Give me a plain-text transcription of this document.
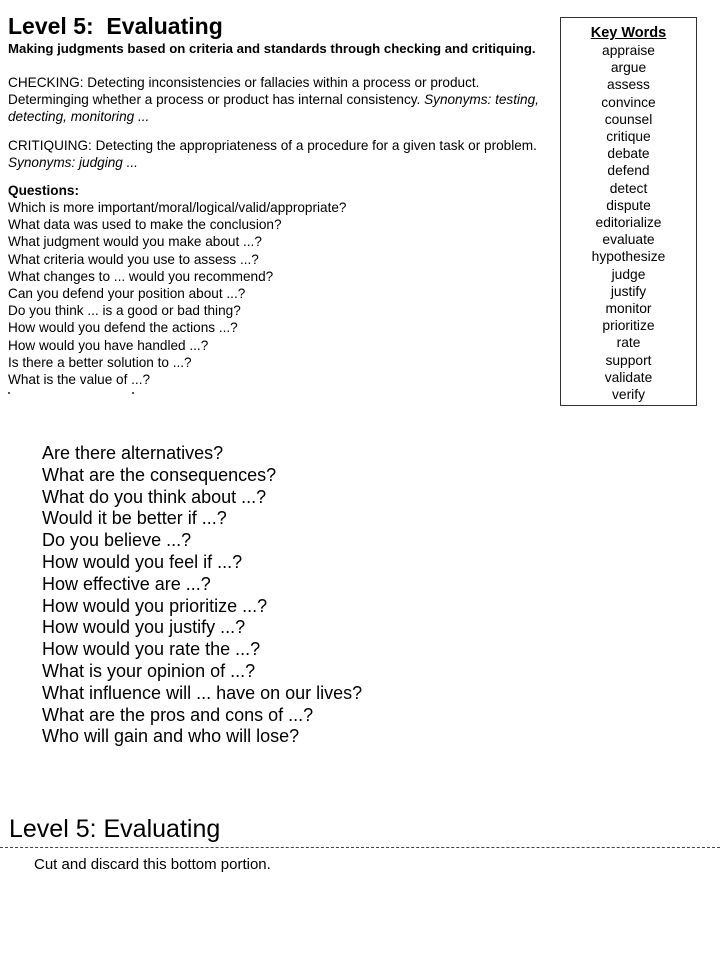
Level 5:  Evaluating
Making judgments based on criteria and standards through checking and critiquing.
CHECKING: Detecting inconsistencies or fallacies within a process or product. Determinging whether a process or product has internal consistency. Synonyms: testing, detecting, monitoring ...
CRITIQUING: Detecting the appropriateness of a procedure for a given task or problem. Synonyms: judging ...
Questions:
Which is more important/moral/logical/valid/appropriate?
What data was used to make the conclusion?
What judgment would you make about ...?
What criteria would you use to assess ...?
What changes to ... would you recommend?
Can you defend your position about ...?
Do you think ... is a good or bad thing?
How would you defend the actions ...?
How would you have handled ...?
Is there a better solution to ...?
What is the value of ...?
Key Words
appraise
argue
assess
convince
counsel
critique
debate
defend
detect
dispute
editorialize
evaluate
hypothesize
judge
justify
monitor
prioritize
rate
support
validate
verify
Are there alternatives?
What are the consequences?
What do you think about ...?
Would it be better if ...?
Do you believe ...?
How would you feel if ...?
How effective are ...?
How would you prioritize ...?
How would you justify ...?
How would you rate the ...?
What is your opinion of ...?
What influence will ... have on our lives?
What are the pros and cons of ...?
Who will gain and who will lose?
Level 5: Evaluating
Cut and discard this bottom portion.
